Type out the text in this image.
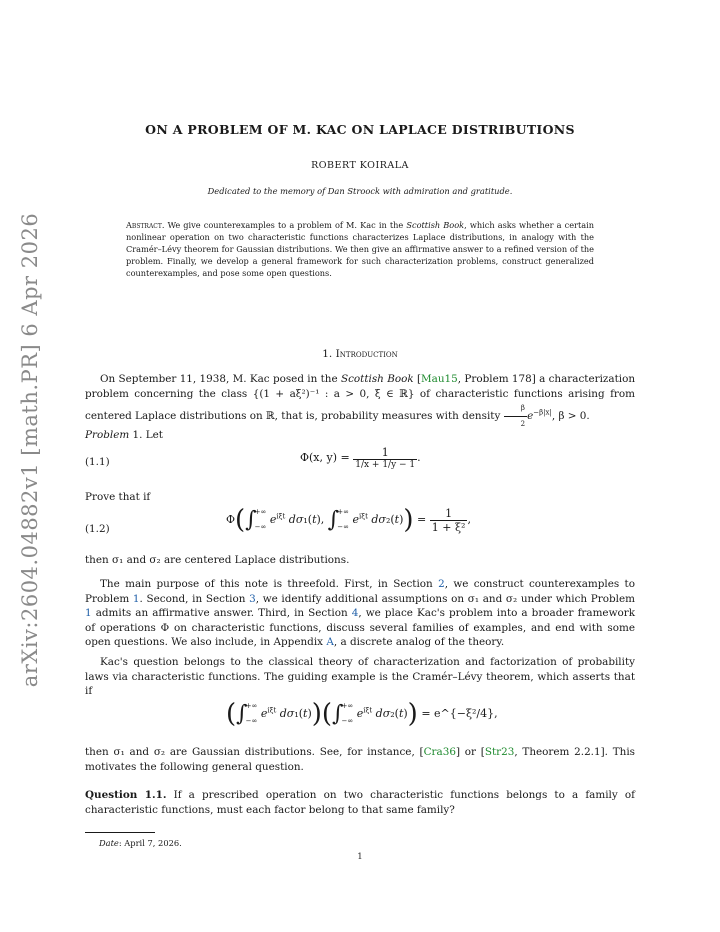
arXiv:2604.04882v1 [math.PR] 6 Apr 2026
ON A PROBLEM OF M. KAC ON LAPLACE DISTRIBUTIONS
ROBERT KOIRALA
Dedicated to the memory of Dan Stroock with admiration and gratitude.
Abstract. We give counterexamples to a problem of M. Kac in the Scottish Book, which asks whether a certain nonlinear operation on two characteristic functions characterizes Laplace distributions, in analogy with the Cramér–Lévy theorem for Gaussian distributions. We then give an affirmative answer to a refined version of the problem. Finally, we develop a general framework for such characterization problems, construct generalized counterexamples, and pose some open questions.
1. Introduction
On September 11, 1938, M. Kac posed in the Scottish Book [Mau15, Problem 178] a characterization problem concerning the class {(1 + aξ²)⁻¹ : a > 0, ξ ∈ ℝ} of characteristic functions arising from centered Laplace distributions on ℝ, that is, probability measures with density $\frac{\beta}{2} e^{-\beta|x|}$, β > 0.
Problem 1. Let
(1.1)	Φ(x, $y) = \frac{1}{1/x + 1/y - 1}$ .
Prove that if
(1.2)
Φ(∫+∞
−∞ $e^{i\xi t}$ dσ₁(t), ∫+∞
−∞ $e^{i\xi t}$ $d\sigma_2(t)) = \frac{1}{\text{1 + ξ²}}$ ,
then σ₁ and σ₂ are centered Laplace distributions.
The main purpose of this note is threefold. First, in Section 2, we construct counterexamples to Problem 1. Second, in Section 3, we identify additional assumptions on σ₁ and σ₂ under which Problem 1 admits an affirmative answer. Third, in Section 4, we place Kac's problem into a broader framework of operations Φ on characteristic functions, discuss several families of examples, and end with some open questions. We also include, in Appendix A, a discrete analog of the theory.
Kac's question belongs to the classical theory of characterization and factorization of probability laws via characteristic functions. The guiding example is the Cramér–Lévy theorem, which asserts that if
(∫+∞
−∞ $e^{i\xi t}$ dσ₁(t))(∫+∞
−∞ $e^{i\xi t}$ dσ₂(t)) = e^{−ξ²/4},
then σ₁ and σ₂ are Gaussian distributions. See, for instance, [Cra36] or [Str23, Theorem 2.2.1]. This motivates the following general question.
Question 1.1. If a prescribed operation on two characteristic functions belongs to a family of characteristic functions, must each factor belong to that same family?
Date: April 7, 2026.
1
